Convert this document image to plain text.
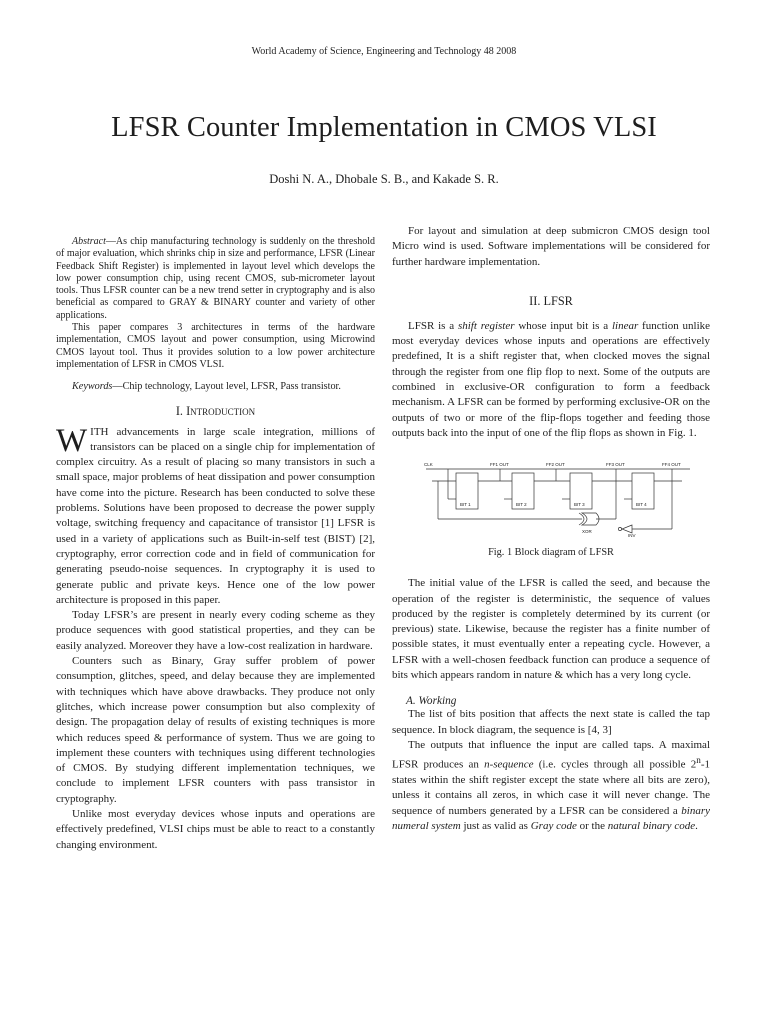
World Academy of Science, Engineering and Technology 48 2008
LFSR Counter Implementation in CMOS VLSI
Doshi N. A., Dhobale S. B., and Kakade S. R.

Abstract—As chip manufacturing technology is suddenly on the threshold of major evaluation, which shrinks chip in size and performance, LFSR (Linear Feedback Shift Register) is implemented in layout level which develops the low power consumption chip, using recent CMOS, sub-micrometer layout tools. Thus LFSR counter can be a new trend setter in cryptography and is also beneficial as compared to GRAY & BINARY counter and variety of other applications.

This paper compares 3 architectures in terms of the hardware implementation, CMOS layout and power consumption, using Microwind CMOS layout tool. Thus it provides solution to a low power architecture implementation of LFSR in CMOS VLSI.

Keywords—Chip technology, Layout level, LFSR, Pass transistor.

I. Introduction

WITH advancements in large scale integration, millions of transistors can be placed on a single chip for implementation of complex circuitry. As a result of placing so many transistors in such a small space, major problems of heat dissipation and power consumption have come into the picture. Research has been conducted to solve these problems. Solutions have been proposed to decrease the power supply voltage, switching frequency and capacitance of transistor [1] LFSR is used in a variety of applications such as Built-in-self test (BIST) [2], cryptography, error correction code and in field of communication for generating pseudo-noise sequences. In cryptography it is used to generate public and private keys. Hence one of the low power architecture is proposed in this paper.

Today LFSR’s are present in nearly every coding scheme as they produce sequences with good statistical properties, and they can be easily analyzed. Moreover they have a low-cost realization in hardware.

Counters such as Binary, Gray suffer problem of power consumption, glitches, speed, and delay because they are implemented with techniques which have above drawbacks. They produce not only glitches, which increase power consumption but also complexity of design. The propagation delay of results of existing techniques is more which reduces speed & performance of system. Thus we are going to implement these counters with techniques using different technologies of CMOS. By studying different implementation techniques, we conclude to implement LFSR counters with pass transistor in cryptography.

Unlike most everyday devices whose inputs and operations are effectively predefined, VLSI chips must be able to react to a constantly changing environment.

For layout and simulation at deep submicron CMOS design tool Micro wind is used. Software implementations will be considered for further hardware implementation.

II. LFSR

LFSR is a shift register whose input bit is a linear function unlike most everyday devices whose inputs and operations are effectively predefined, It is a shift register that, when clocked moves the signal through the register from one flip flop to next. Some of the outputs are combined in exclusive-OR configuration to form a feedback mechanism. A LFSR can be formed by performing exclusive-OR on the outputs of two or more of the flip-flops together and feeding those outputs back into the input of one of the flip flops as shown in Fig. 1.

CLK	FF1 OUT	FF2 OUT	FF3 OUT	FF4 OUT
BIT 1	BIT 2	BIT 3	BIT 4
XOR
INV
Fig. 1 Block diagram of LFSR

The initial value of the LFSR is called the seed, and because the operation of the register is deterministic, the sequence of values produced by the register is completely determined by its current (or previous) state. Likewise, because the register has a finite number of possible states, it must eventually enter a repeating cycle. However, a LFSR with a well-chosen feedback function can produce a sequence of bits which appears random in nature & which has a very long cycle.

A. Working

The list of bits position that affects the next state is called the tap sequence. In block diagram, the sequence is [4, 3]

The outputs that influence the input are called taps. A maximal LFSR produces an n-sequence (i.e. cycles through all possible 2$^n$-1 states within the shift register except the state where all bits are zero), unless it contains all zeros, in which case it will never change. The sequence of numbers generated by a LFSR can be considered a binary numeral system just as valid as Gray code or the natural binary code.
